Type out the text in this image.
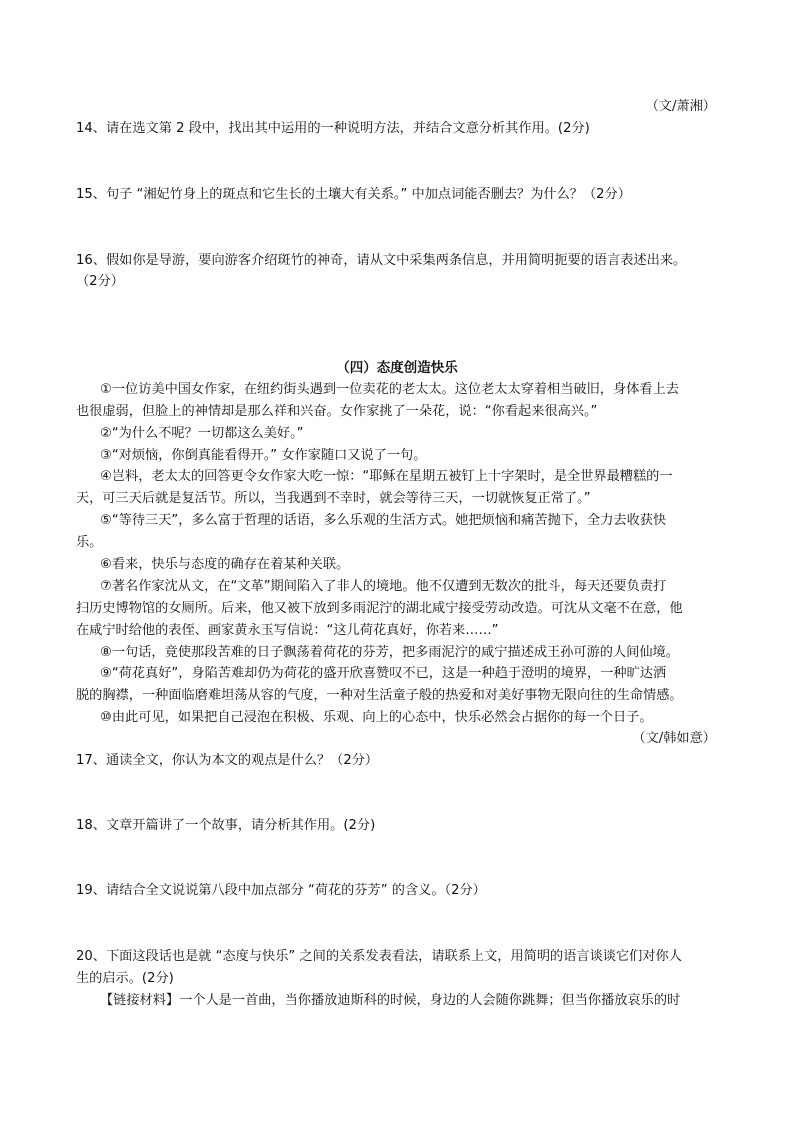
（文/萧湘）
14、请在选文第 2 段中，找出其中运用的一种说明方法，并结合文意分析其作用。(2分)
15、句子 “湘妃竹身上的斑点和它生长的土壤大有关系。” 中加点词能否删去？为什么？（2分）
16、假如你是导游，要向游客介绍斑竹的神奇，请从文中采集两条信息，并用简明扼要的语言表述出来。
（2分）
（四）态度创造快乐
①一位访美中国女作家，在纽约街头遇到一位卖花的老太太。这位老太太穿着相当破旧，身体看上去
也很虚弱，但脸上的神情却是那么祥和兴奋。女作家挑了一朵花，说：“你看起来很高兴。”
②“为什么不呢？一切都这么美好。”
③“对烦恼，你倒真能看得开。” 女作家随口又说了一句。
④岂料，老太太的回答更令女作家大吃一惊：“耶稣在星期五被钉上十字架时，是全世界最糟糕的一
天，可三天后就是复活节。所以，当我遇到不幸时，就会等待三天，一切就恢复正常了。”
⑤“等待三天”，多么富于哲理的话语，多么乐观的生活方式。她把烦恼和痛苦抛下，全力去收获快
乐。
⑥看来，快乐与态度的确存在着某种关联。
⑦著名作家沈从文，在“文革”期间陷入了非人的境地。他不仅遭到无数次的批斗，每天还要负责打
扫历史博物馆的女厕所。后来，他又被下放到多雨泥泞的湖北咸宁接受劳动改造。可沈从文毫不在意，他
在咸宁时给他的表侄、画家黄永玉写信说：“这儿荷花真好，你若来……”
⑧一句话，竟使那段苦难的日子飘荡着荷花的芬芳，把多雨泥泞的咸宁描述成王孙可游的人间仙境。
⑨“荷花真好”，身陷苦难却仍为荷花的盛开欣喜赞叹不已，这是一种趋于澄明的境界，一种旷达洒
脱的胸襟，一种面临磨难坦荡从容的气度，一种对生活童子般的热爱和对美好事物无限向往的生命情感。
⑩由此可见，如果把自己浸泡在积极、乐观、向上的心态中，快乐必然会占据你的每一个日子。
（文/韩如意）
17、通读全文，你认为本文的观点是什么？（2分）
18、文章开篇讲了一个故事，请分析其作用。(2分)
19、请结合全文说说第八段中加点部分 “荷花的芬芳” 的含义。（2分）
20、下面这段话也是就 “态度与快乐” 之间的关系发表看法，请联系上文，用简明的语言谈谈它们对你人
生的启示。(2分)
【链接材料】一个人是一首曲，当你播放迪斯科的时候，身边的人会随你跳舞；但当你播放哀乐的时
